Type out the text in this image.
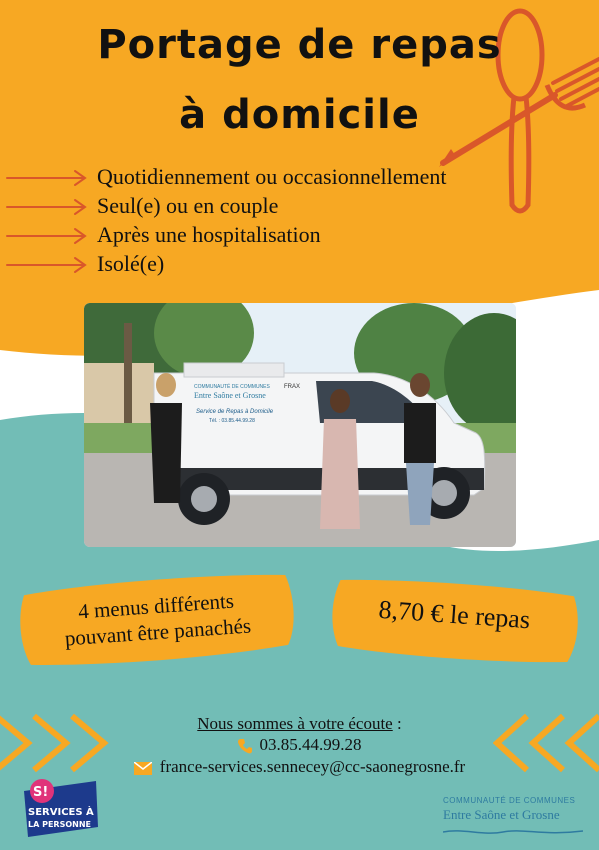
Portage de repas
à domicile
Quotidiennement ou occasionnellement
Seul(e) ou en couple
Après une hospitalisation
Isolé(e)
COMMUNAUTÉ DE COMMUNES
Entre Saône et Grosne
Service de Repas à Domicile
Tél. : 03.85.44.99.28
FRAX
4 menus différents
pouvant être panachés	8,70 € le repas
Nous sommes à votre écoute :
03.85.44.99.28
france-services.sennecey@cc-saonegrosne.fr
S!
SERVICES À
LA PERSONNE
COMMUNAUTÉ DE COMMUNES
Entre Saône et Grosne
